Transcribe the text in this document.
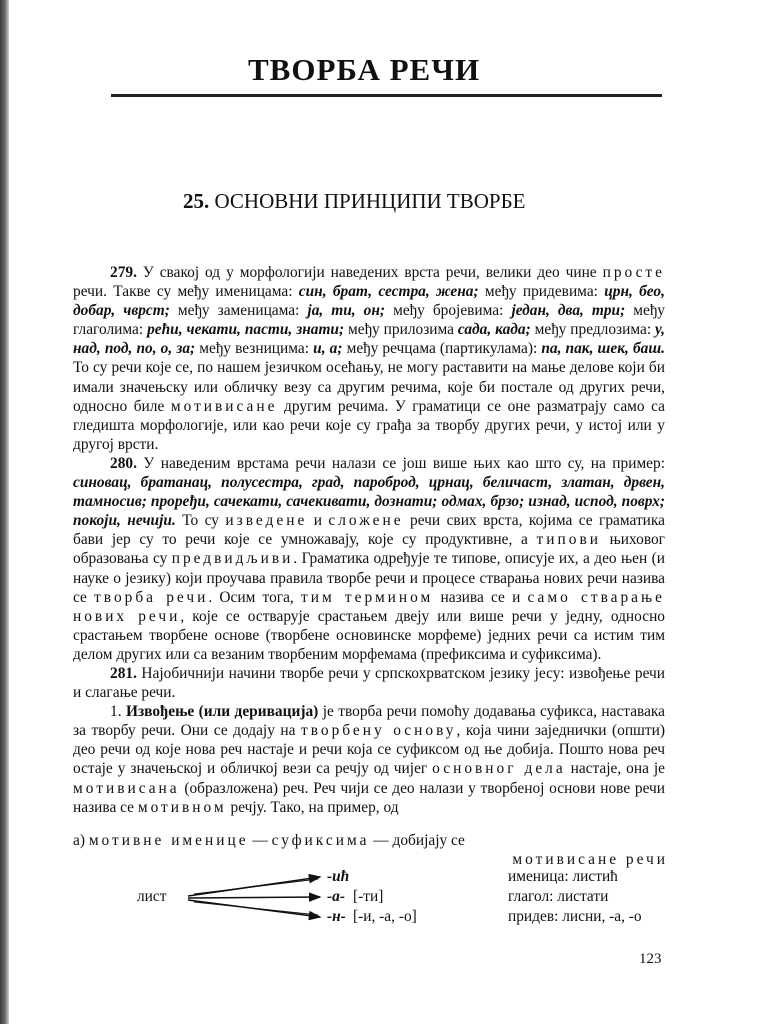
ТВОРБА РЕЧИ
25. ОСНОВНИ ПРИНЦИПИ ТВОРБЕ

279. У свакој од у морфологији наведених врста речи, велики део чине просте речи. Такве су међу именицама: син, брат, сестра, жена; међу придевима: црн, бео, добар, чврст; међу заменицама: ја, ти, он; међу бројевима: један, два, три; међу глаголима: рећи, чекати, пасти, знати; међу прилозима сада, када; међу предлозима: у, над, под, по, о, за; међу везницима: и, а; међу речцама (партикулама): па, пак, шек, баш. То су речи које се, по нашем језичком осећању, не могу раставити на мање делове који би имали значењску или обличку везу са другим речима, које би постале од других речи, односно биле мотивисане другим речима. У граматици се оне разматрају само са гледишта морфологије, или као речи које су грађа за творбу других речи, у истој или у другој врсти.

280. У наведеним врстама речи налази се још више њих као што су, на пример: синовац, братанац, полусестра, град, пароброд, црнац, беличаст, златан, дрвен, тамносив; проређи, сачекати, сачекивати, дознати; одмах, брзо; изнад, испод, поврх; покоји, нечији. То су изведене и сложене речи свих врста, којима се граматика бави јер су то речи које се умножавају, које су продуктивне, а типови њиховог образовања су предвидљиви. Граматика одређује те типове, описује их, а део њен (и науке о језику) који проучава правила творбе речи и процесе стварања нових речи назива се творба речи. Осим тога, тим термином назива се и само стварање нових речи, које се остварује срастањем двеју или више речи у једну, односно срастањем творбене основе (творбене основинске морфеме) једних речи са истим тим делом других или са везаним творбеним морфемама (префиксима и суфиксима).

281. Најобичнији начини творбе речи у српскохрватском језику јесу: извођење речи и слагање речи.

1. Извођење (или деривација) је творба речи помоћу додавања суфикса, наставака за творбу речи. Они се додају на творбену основу, која чини заједнички (општи) део речи од које нова реч настаје и речи која се суфиксом од ње добија. Пошто нова реч остаје у значењској и обличкој вези са речју од чијег основног дела настаје, она је мотивисана (образложена) реч. Реч чији се део налази у творбеној основи нове речи назива се мотивном речју. Тако, на пример, од

а) мотивне именице — суфиксима — добијају се
мотивисане речи
лист
-ић	именица: листић
-а- [-ти]	глагол: листати
-н- [-и, -а, -о]	придев: лисни, -а, -о
123
